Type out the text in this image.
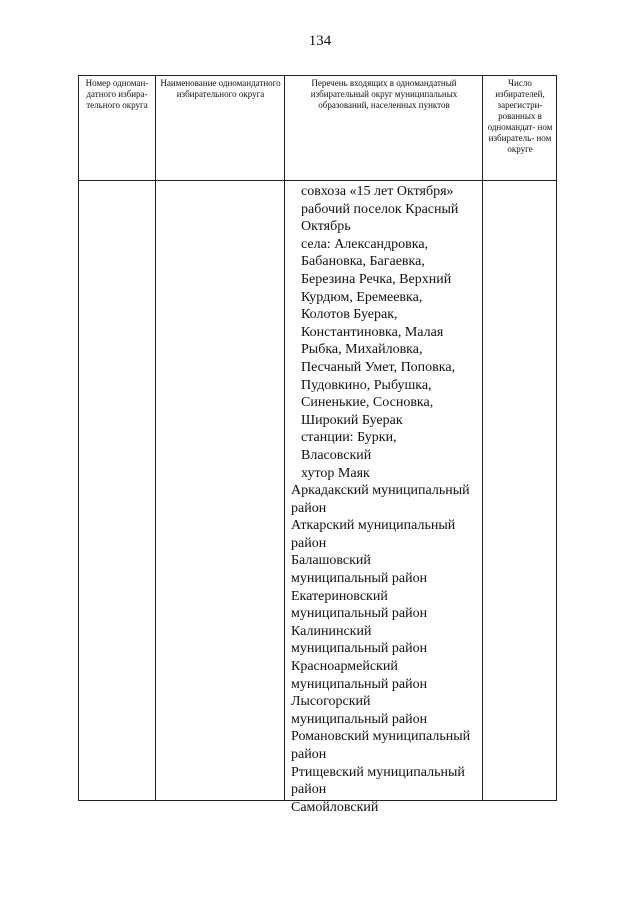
134
Номер одноман- датного избира- тельного округа
Наименование одномандатного избирательного округа
Перечень входящих в одномандатный избирательный округ муниципальных образований, населенных пунктов
Число избирателей, зарегистри- рованных в одномандат- ном избиратель- ном округе
совхоза «15 лет Октября»
рабочий поселок Красный
Октябрь
села: Александровка,
Бабановка, Багаевка,
Березина Речка, Верхний
Курдюм, Еремеевка,
Колотов Буерак,
Константиновка, Малая
Рыбка, Михайловка,
Песчаный Умет, Поповка,
Пудовкино, Рыбушка,
Синенькие, Сосновка,
Широкий Буерак
станции: Бурки,
Власовский
хутор Маяк
Аркадакский муниципальный
район
Аткарский муниципальный
район
Балашовский
муниципальный район
Екатериновский
муниципальный район
Калининский
муниципальный район
Красноармейский
муниципальный район
Лысогорский
муниципальный район
Романовский муниципальный
район
Ртищевский муниципальный
район
Самойловский
